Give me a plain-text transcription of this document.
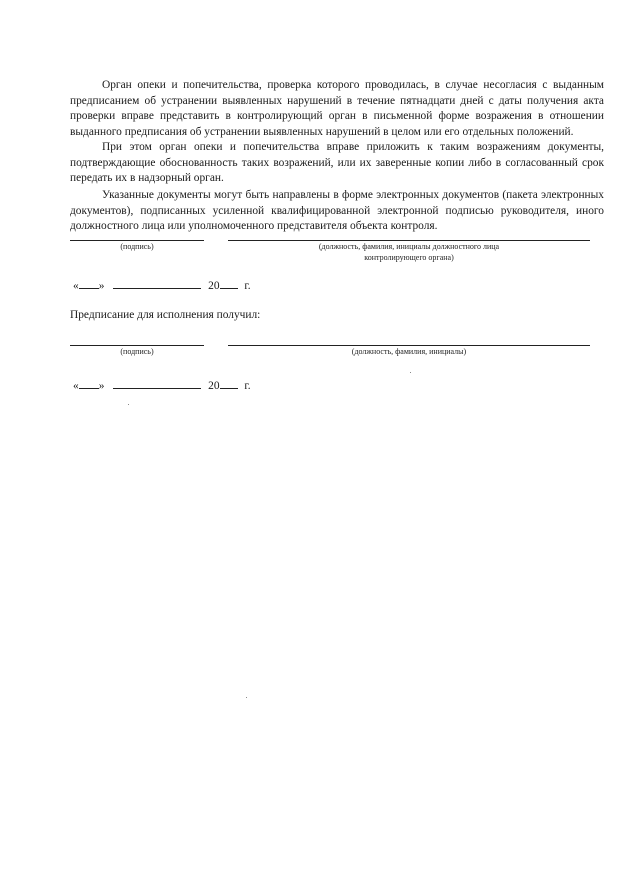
Орган опеки и попечительства, проверка которого проводилась, в случае несогласия с выданным предписанием об устранении выявленных нарушений в течение пятнадцати дней с даты получения акта проверки вправе представить в контролирующий орган в письменной форме возражения в отношении выданного предписания об устранении выявленных нарушений в целом или его отдельных положений.

При этом орган опеки и попечительства вправе приложить к таким возражениям документы, подтверждающие обоснованность таких возражений, или их заверенные копии либо в согласованный срок передать их в надзорный орган.

Указанные документы могут быть направлены в форме электронных документов (пакета электронных документов), подписанных усиленной квалифицированной электронной подписью руководителя, иного должностного лица или уполномоченного представителя объекта контроля.

(подпись)	(должность, фамилия, инициалы должностного лица
контролирующего органа)
« »	20 г.
Предписание для исполнения получил:
(подпись)	(должность, фамилия, инициалы)
« »	20 г.
